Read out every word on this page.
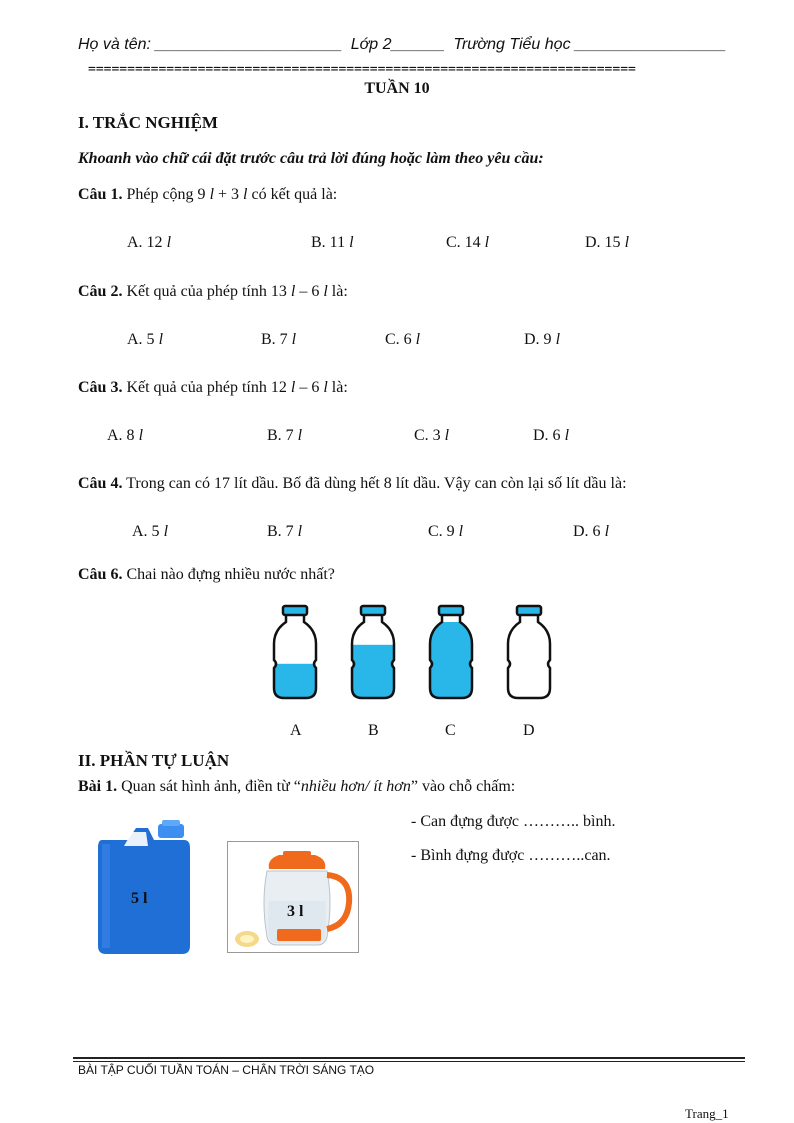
Họ và tên: _____________________ Lớp 2______ Trường Tiểu học _________________
======================================================================
TUẦN 10
I. TRẮC NGHIỆM
Khoanh vào chữ cái đặt trước câu trả lời đúng hoặc làm theo yêu cầu:
Câu 1. Phép cộng 9 l + 3 l có kết quả là:
A. 12 l	B. 11 l	C. 14 l	D. 15 l
Câu 2. Kết quả của phép tính 13 l – 6 l là:
A. 5 l	B. 7 l	C. 6 l	D. 9 l
Câu 3. Kết quả của phép tính 12 l – 6 l là:
A. 8 l	B. 7 l	C. 3 l	D. 6 l
Câu 4. Trong can có 17 lít dầu. Bố đã dùng hết 8 lít dầu. Vậy can còn lại số lít dầu là:
A. 5 l	B. 7 l	C. 9 l	D. 6 l
Câu 6. Chai nào đựng nhiều nước nhất?
A	B	C	D
II. PHẦN TỰ LUẬN
Bài 1. Quan sát hình ảnh, điền từ “nhiều hơn/ ít hơn” vào chỗ chấm:
- Can đựng được ……….. bình.
- Bình đựng được ………..can.
5 l
3 l
BÀI TẬP CUỐI TUẦN TOÁN – CHÂN TRỜI SÁNG TẠO
Trang_1
